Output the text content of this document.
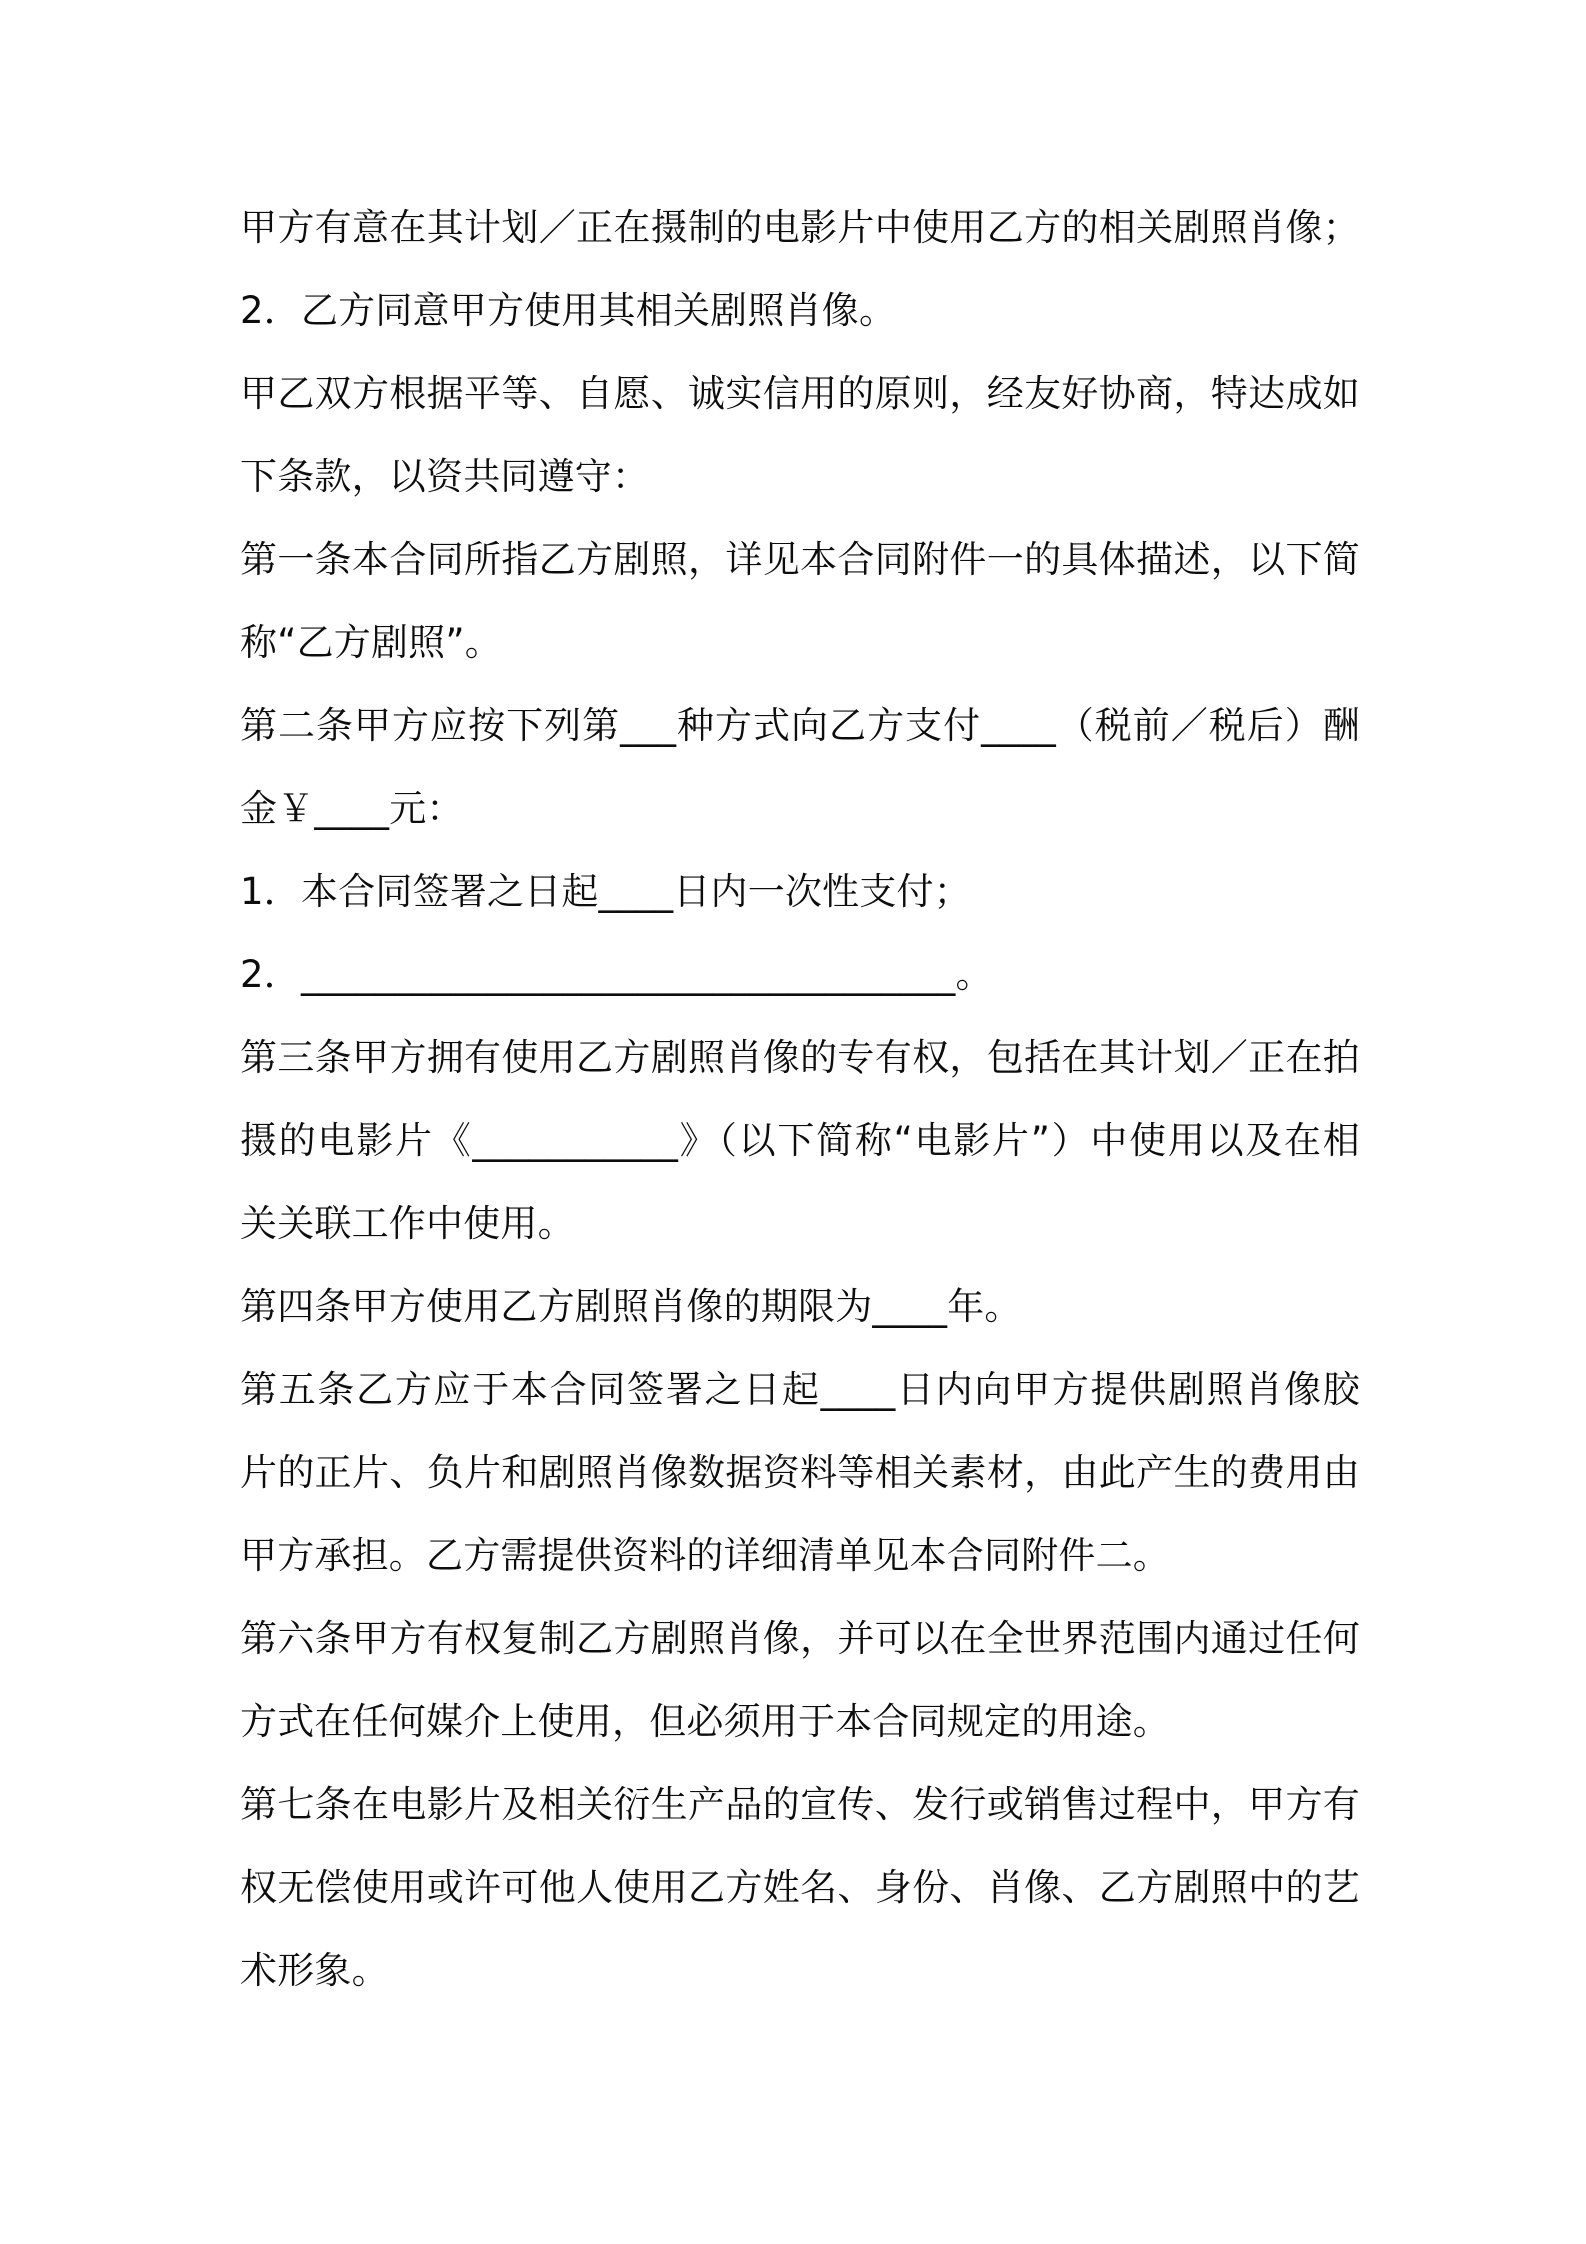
甲方有意在其计划／正在摄制的电影片中使用乙方的相关剧照肖像；
2．乙方同意甲方使用其相关剧照肖像。
甲乙双方根据平等、自愿、诚实信用的原则，经友好协商，特达成如
下条款，以资共同遵守：
第一条本合同所指乙方剧照，详见本合同附件一的具体描述，以下简
称“乙方剧照”。
第二条甲方应按下列第___种方式向乙方支付____（税前／税后）酬
金￥____元：
1．本合同签署之日起____日内一次性支付；
2．___________________________________。
第三条甲方拥有使用乙方剧照肖像的专有权，包括在其计划／正在拍
摄的电影片《___________》（以下简称“电影片”）中使用以及在相
关关联工作中使用。
第四条甲方使用乙方剧照肖像的期限为____年。
第五条乙方应于本合同签署之日起____日内向甲方提供剧照肖像胶
片的正片、负片和剧照肖像数据资料等相关素材，由此产生的费用由
甲方承担。乙方需提供资料的详细清单见本合同附件二。
第六条甲方有权复制乙方剧照肖像，并可以在全世界范围内通过任何
方式在任何媒介上使用，但必须用于本合同规定的用途。
第七条在电影片及相关衍生产品的宣传、发行或销售过程中，甲方有
权无偿使用或许可他人使用乙方姓名、身份、肖像、乙方剧照中的艺
术形象。
